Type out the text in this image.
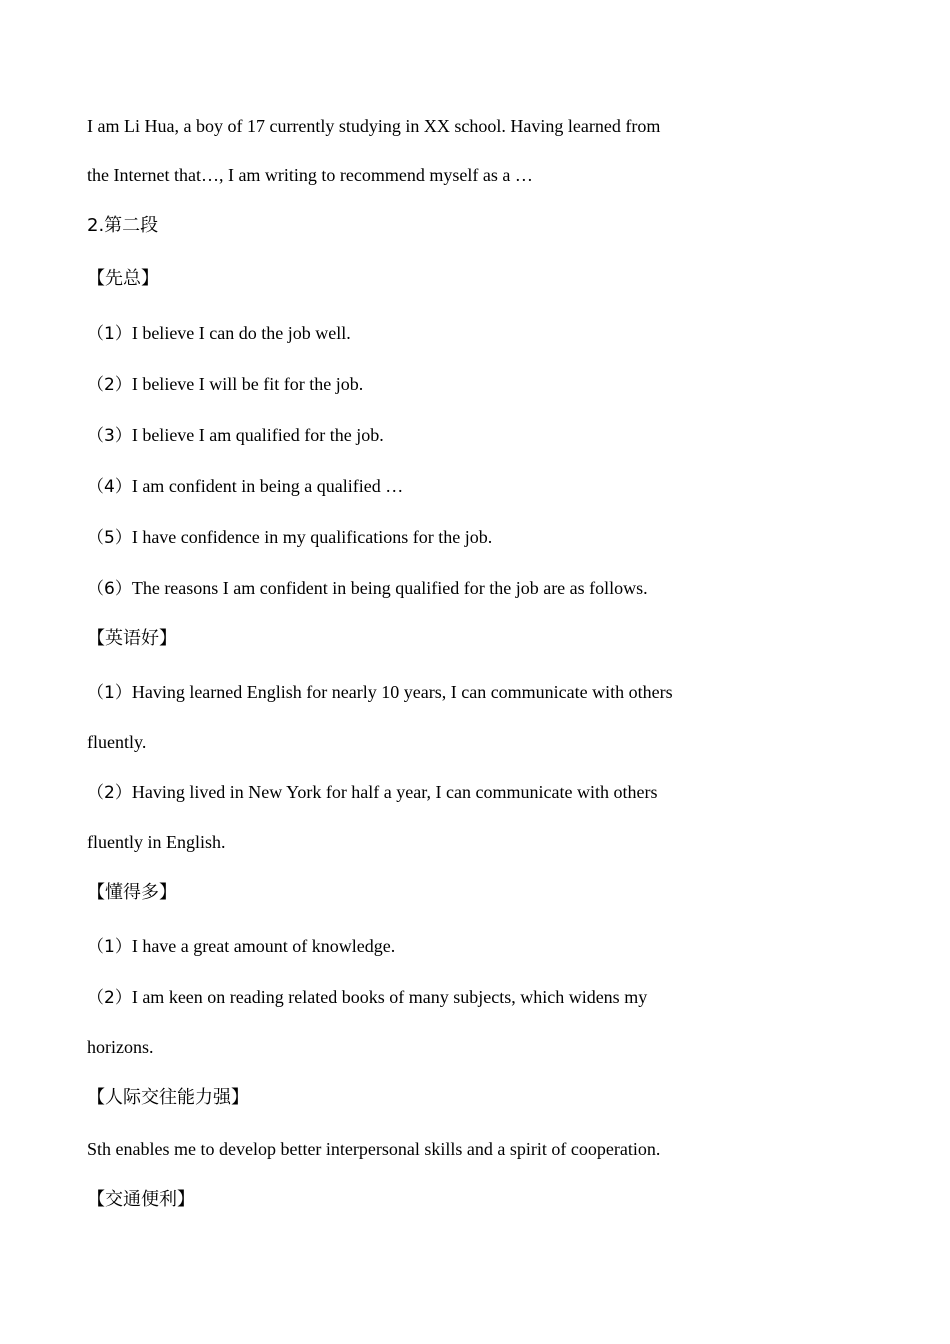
I am Li Hua, a boy of 17 currently studying in XX school. Having learned from
the Internet that…, I am writing to recommend myself as a …
2.第二段
【先总】
（1）I believe I can do the job well.
（2）I believe I will be fit for the job.
（3）I believe I am qualified for the job.
（4）I am confident in being a qualified …
（5）I have confidence in my qualifications for the job.
（6）The reasons I am confident in being qualified for the job are as follows.
【英语好】
（1）Having learned English for nearly 10 years, I can communicate with others
fluently.
（2）Having lived in New York for half a year, I can communicate with others
fluently in English.
【懂得多】
（1）I have a great amount of knowledge.
（2）I am keen on reading related books of many subjects, which widens my
horizons.
【人际交往能力强】
Sth enables me to develop better interpersonal skills and a spirit of cooperation.
【交通便利】
